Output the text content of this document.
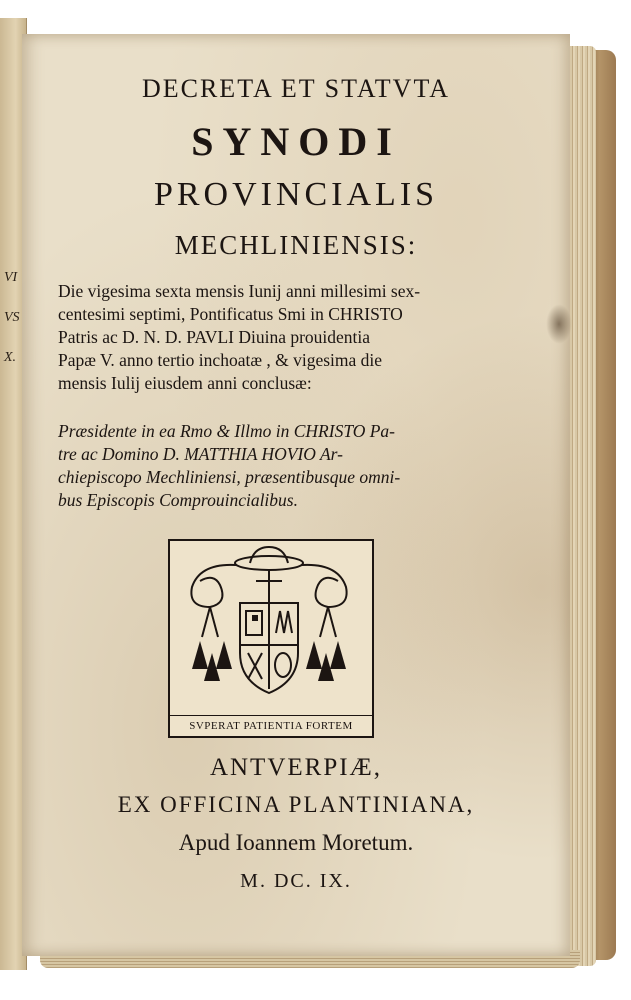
VI
VS
X.
DECRETA ET STATVTA
SYNODI
PROVINCIALIS
MECHLINIENSIS:
Die vigesima sexta mensis Iunij anni millesimi sex-
centesimi septimi, Pontificatus Smi in CHRISTO
Patris ac D. N. D. PAVLI Diuina prouidentia
Papæ V. anno tertio inchoatæ , & vigesima die
mensis Iulij eiusdem anni conclusæ:
Præsidente in ea Rmo & Illmo in CHRISTO Pa-
tre ac Domino D. MATTHIA HOVIO Ar-
chiepiscopo Mechliniensi, præsentibusque omni-
bus Episcopis Comprouincialibus.
SVPERAT PATIENTIA FORTEM
ANTVERPIÆ,
EX OFFICINA PLANTINIANA,
Apud Ioannem Moretum.
M. DC. IX.
